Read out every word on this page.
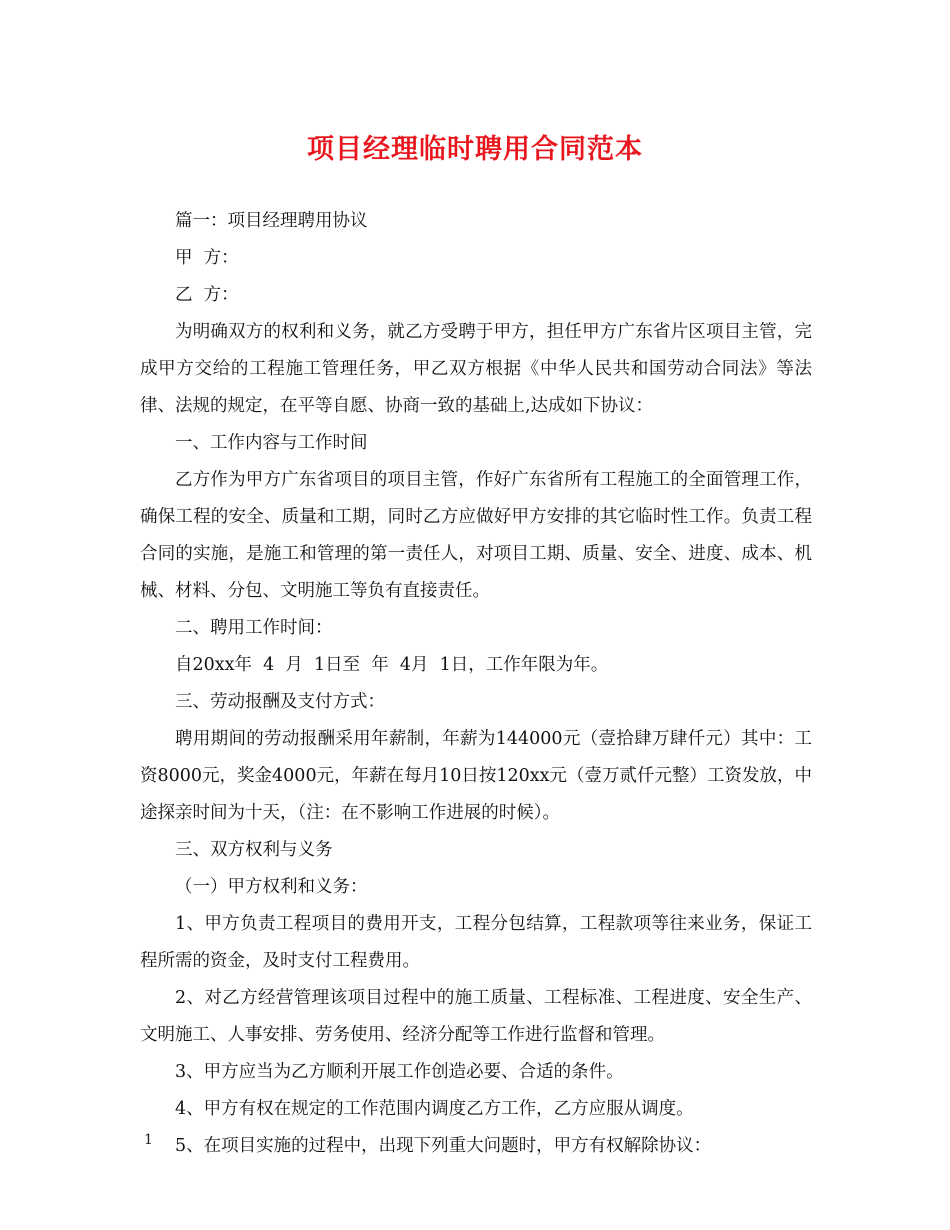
项目经理临时聘用合同范本

篇一：项目经理聘用协议

甲  方：

乙  方：

为明确双方的权利和义务，就乙方受聘于甲方，担任甲方广东省片区项目主管，完成甲方交给的工程施工管理任务，甲乙双方根据《中华人民共和国劳动合同法》等法律、法规的规定，在平等自愿、协商一致的基础上,达成如下协议：

一、工作内容与工作时间

乙方作为甲方广东省项目的项目主管，作好广东省所有工程施工的全面管理工作，确保工程的安全、质量和工期，同时乙方应做好甲方安排的其它临时性工作。负责工程合同的实施，是施工和管理的第一责任人，对项目工期、质量、安全、进度、成本、机械、材料、分包、文明施工等负有直接责任。

二、聘用工作时间：

自20xx年  4  月  1日至  年  4月  1日，工作年限为年。

三、劳动报酬及支付方式：

聘用期间的劳动报酬采用年薪制，年薪为144000元（壹拾肆万肆仟元）其中：工资8000元，奖金4000元，年薪在每月10日按120xx元（壹万贰仟元整）工资发放，中途探亲时间为十天，（注：在不影响工作进展的时候）。

三、双方权利与义务

（一）甲方权利和义务：

1、甲方负责工程项目的费用开支，工程分包结算，工程款项等往来业务，保证工程所需的资金，及时支付工程费用。

2、对乙方经营管理该项目过程中的施工质量、工程标准、工程进度、安全生产、文明施工、人事安排、劳务使用、经济分配等工作进行监督和管理。

3、甲方应当为乙方顺利开展工作创造必要、合适的条件。

4、甲方有权在规定的工作范围内调度乙方工作，乙方应服从调度。

5、在项目实施的过程中，出现下列重大问题时，甲方有权解除协议：

1
